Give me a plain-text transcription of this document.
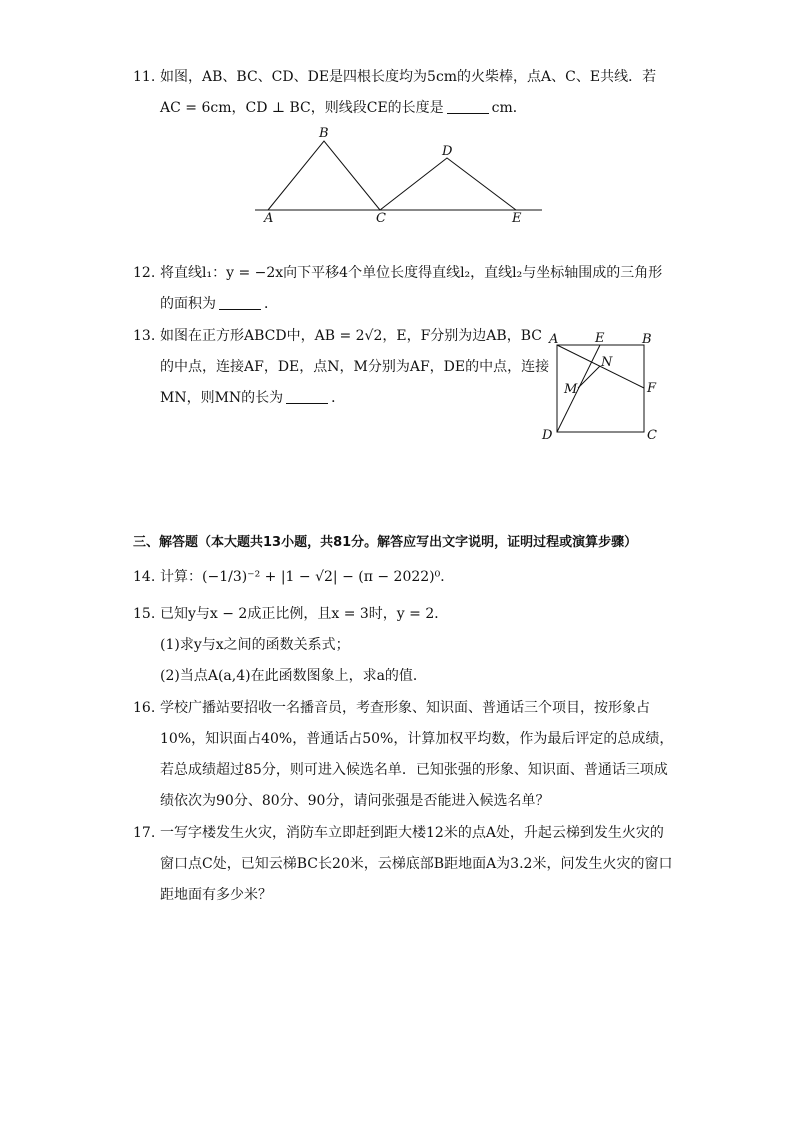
11. 如图，AB、BC、CD、DE是四根长度均为5cm的火柴棒，点A、C、E共线．若
AC = 6cm，CD ⊥ BC，则线段CE的长度是	cm．
A
B
C
D
E
12. 将直线l₁：y = −2x向下平移4个单位长度得直线l₂，直线l₂与坐标轴围成的三角形
的面积为	．
13. 如图在正方形ABCD中，AB = 2√2，E，F分别为边AB，BC
的中点，连接AF，DE，点N，M分别为AF，DE的中点，连接
MN，则MN的长为	．
A	E	B
N
M	F
D	C
三、解答题（本大题共13小题，共81分。解答应写出文字说明，证明过程或演算步骤）
14. 计算：(−1/3)⁻² + |1 − √2| − (π − 2022)⁰．
15. 已知y与x − 2成正比例，且x = 3时，y = 2．
(1)求y与x之间的函数关系式；
(2)当点A(a,4)在此函数图象上，求a的值．
16. 学校广播站要招收一名播音员，考查形象、知识面、普通话三个项目，按形象占
10%，知识面占40%，普通话占50%，计算加权平均数，作为最后评定的总成绩，
若总成绩超过85分，则可进入候选名单．已知张强的形象、知识面、普通话三项成
绩依次为90分、80分、90分，请问张强是否能进入候选名单？
17. 一写字楼发生火灾，消防车立即赶到距大楼12米的点A处，升起云梯到发生火灾的
窗口点C处，已知云梯BC长20米，云梯底部B距地面A为3.2米，问发生火灾的窗口
距地面有多少米？
